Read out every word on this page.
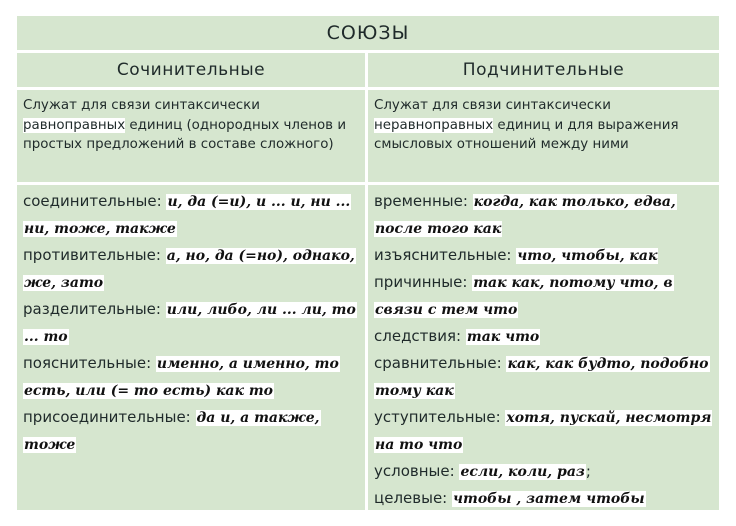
СОЮЗЫ
Сочинительные	Подчинительные
Служат для связи синтаксически равноправных единиц (однородных членов и простых предложений в составе сложного)
Служат для связи синтаксически неравноправных единиц и для выражения смысловых отношений между ними
соединительные: и, да (=и), и ... и, ни ... ни, тоже, также
противительные: а, но, да (=но), однако, же, зато
разделительные: или, либо, ли ... ли, то ... то
пояснительные: именно, а именно, то есть, или (= то есть) как то
присоединительные: да и, а также, тоже
временные: когда, как только, едва, после того как
изъяснительные: что, чтобы, как
причинные: так как, потому что, в связи с тем что
следствия: так что
сравнительные: как, как будто, подобно тому как
уступительные: хотя, пускай, несмотря на то что
условные: если, коли, раз;
целевые: чтобы , затем чтобы
